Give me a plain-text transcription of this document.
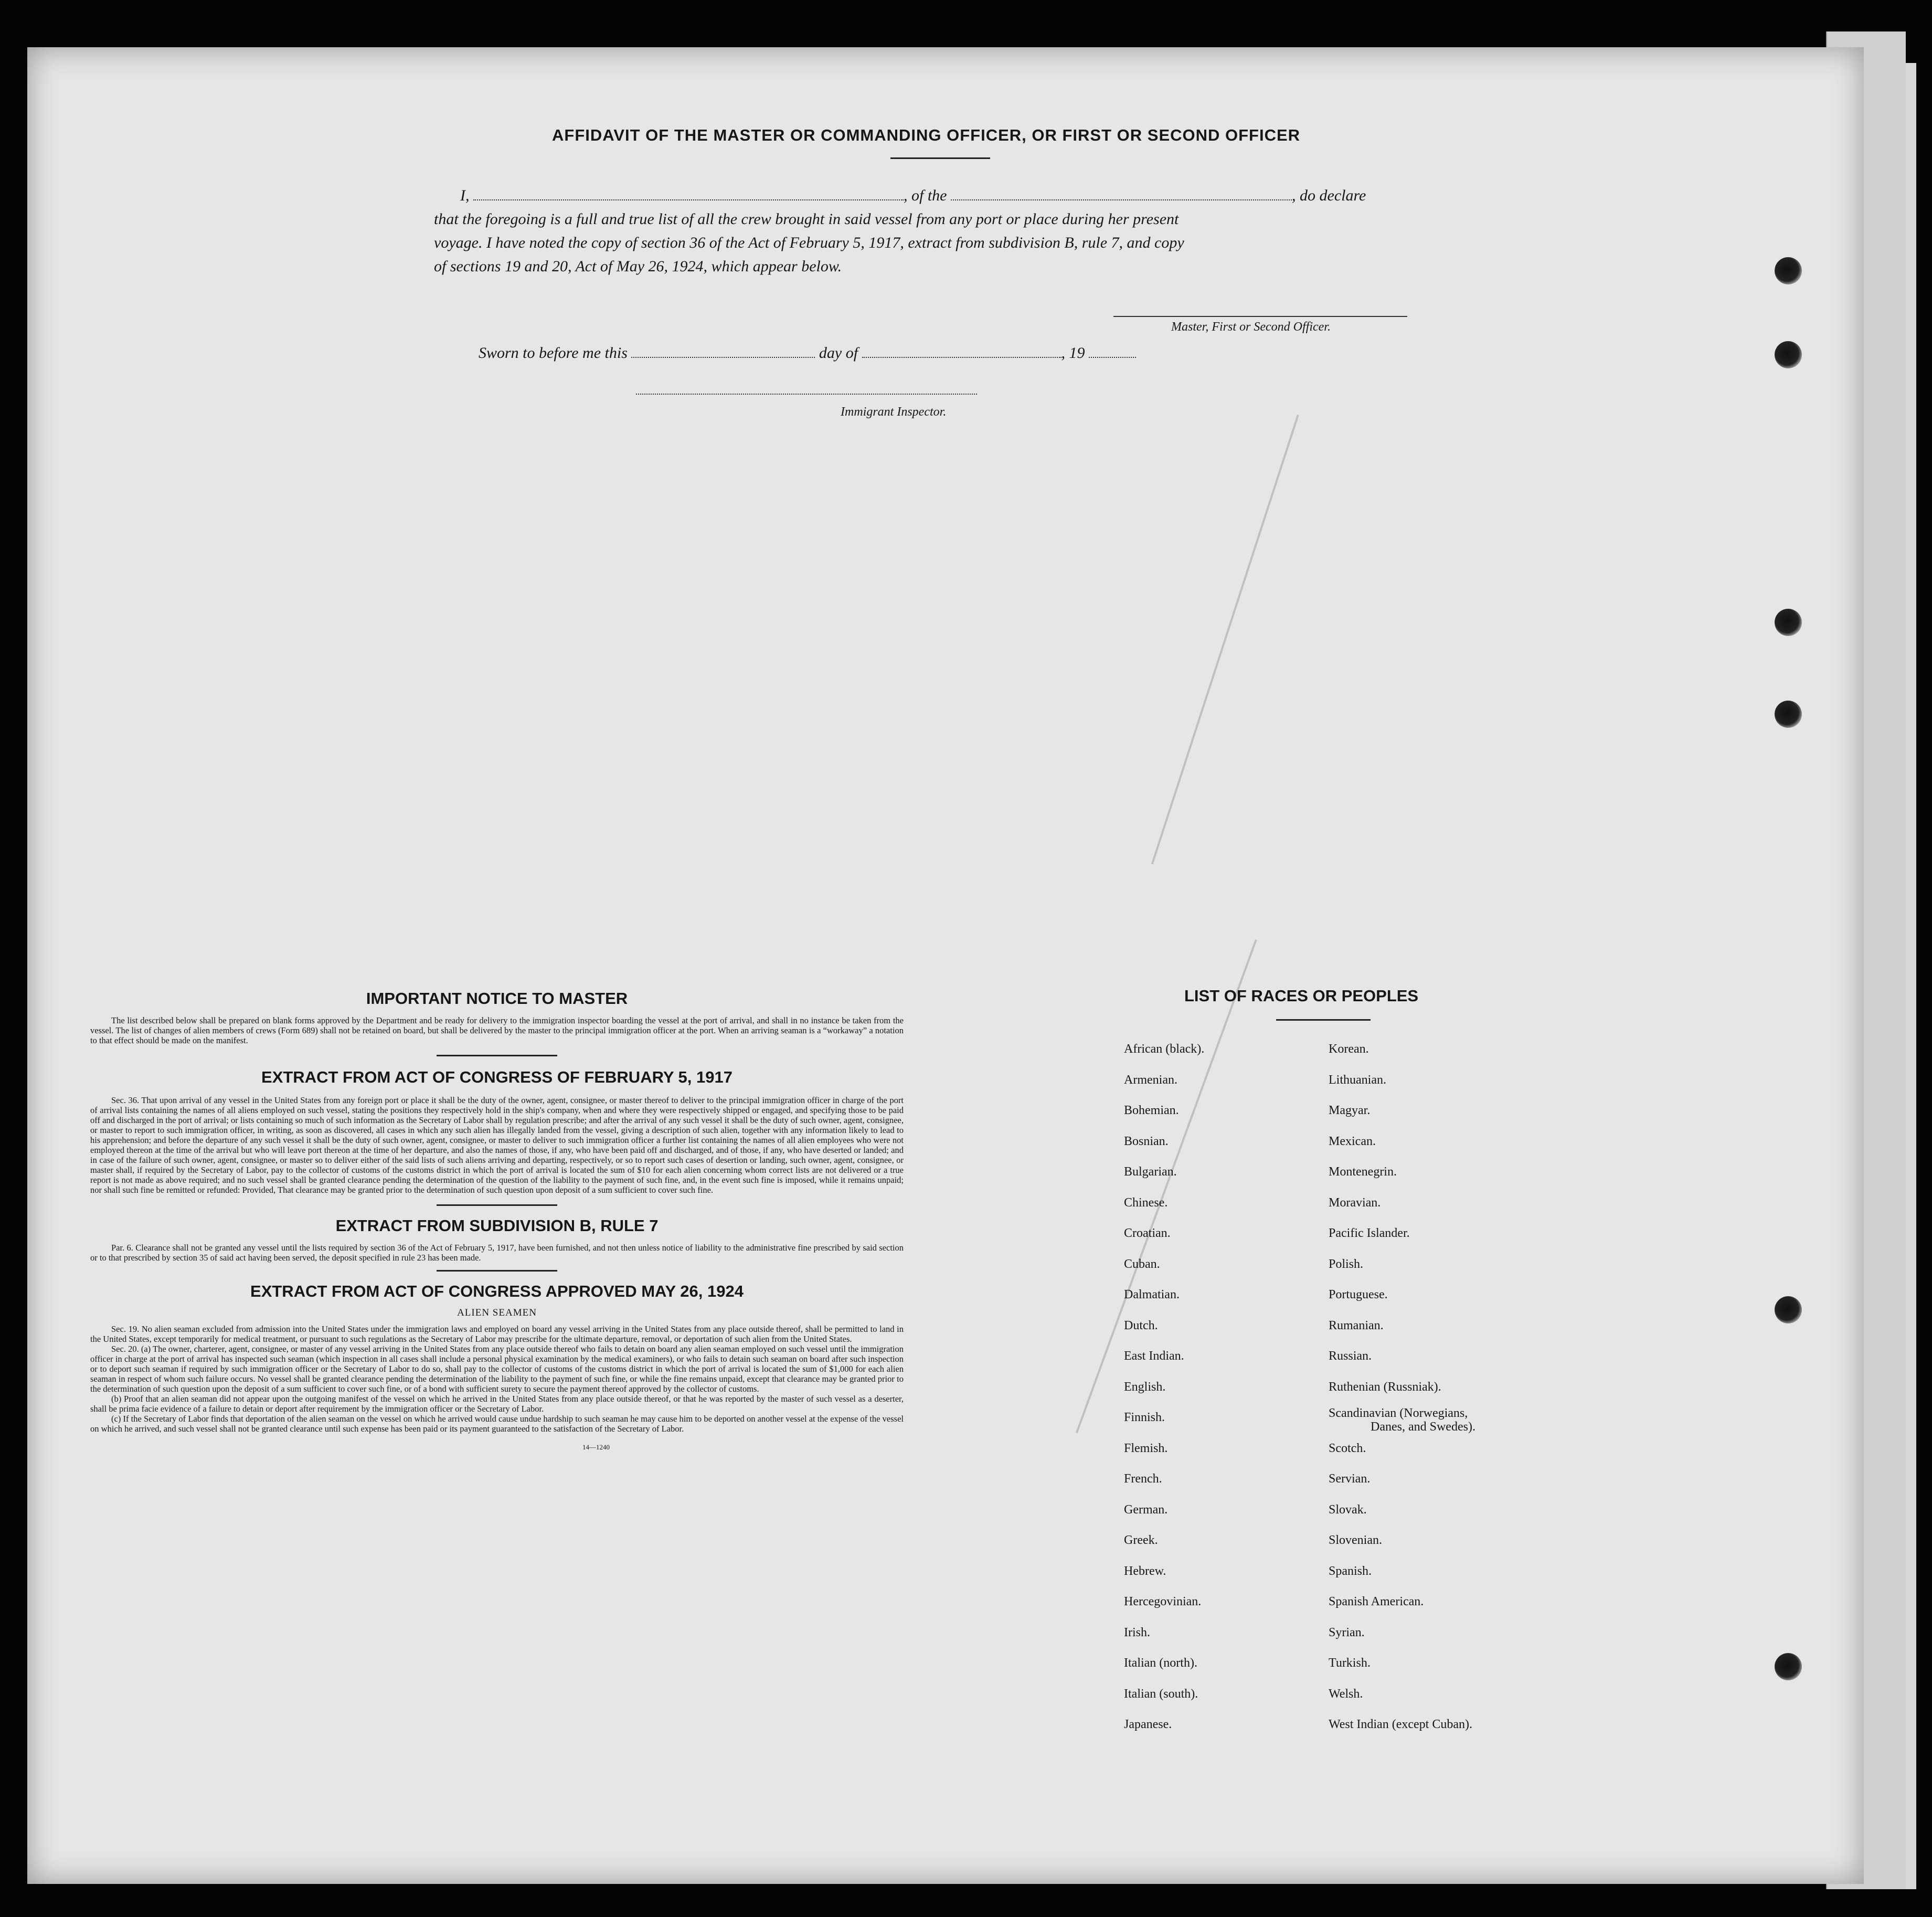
AFFIDAVIT OF THE MASTER OR COMMANDING OFFICER, OR FIRST OR SECOND OFFICER
I,	, of the	, do declare
that the foregoing is a full and true list of all the crew brought in said vessel from any port or place during her present
voyage. I have noted the copy of section 36 of the Act of February 5, 1917, extract from subdivision B, rule 7, and copy
of sections 19 and 20, Act of May 26, 1924, which appear below.
Master, First or Second Officer.
Sworn to before me this	day of	, 19
Immigrant Inspector.
IMPORTANT NOTICE TO MASTER

The list described below shall be prepared on blank forms approved by the Department and be ready for delivery to the immigration inspector boarding the vessel at the port of arrival, and shall in no instance be taken from the vessel. The list of changes of alien members of crews (Form 689) shall not be retained on board, but shall be delivered by the master to the principal immigration officer at the port. When an arriving seaman is a “workaway” a notation to that effect should be made on the manifest.

EXTRACT FROM ACT OF CONGRESS OF FEBRUARY 5, 1917

Sec. 36. That upon arrival of any vessel in the United States from any foreign port or place it shall be the duty of the owner, agent, consignee, or master thereof to deliver to the principal immigration officer in charge of the port of arrival lists containing the names of all aliens employed on such vessel, stating the positions they respectively hold in the ship's company, when and where they were respectively shipped or engaged, and specifying those to be paid off and discharged in the port of arrival; or lists containing so much of such information as the Secretary of Labor shall by regulation prescribe; and after the arrival of any such vessel it shall be the duty of such owner, agent, consignee, or master to report to such immigration officer, in writing, as soon as discovered, all cases in which any such alien has illegally landed from the vessel, giving a description of such alien, together with any information likely to lead to his apprehension; and before the departure of any such vessel it shall be the duty of such owner, agent, consignee, or master to deliver to such immigration officer a further list containing the names of all alien employees who were not employed thereon at the time of the arrival but who will leave port thereon at the time of her departure, and also the names of those, if any, who have been paid off and discharged, and of those, if any, who have deserted or landed; and in case of the failure of such owner, agent, consignee, or master so to deliver either of the said lists of such aliens arriving and departing, respectively, or so to report such cases of desertion or landing, such owner, agent, consignee, or master shall, if required by the Secretary of Labor, pay to the collector of customs of the customs district in which the port of arrival is located the sum of $10 for each alien concerning whom correct lists are not delivered or a true report is not made as above required; and no such vessel shall be granted clearance pending the determination of the question of the liability to the payment of such fine, and, in the event such fine is imposed, while it remains unpaid; nor shall such fine be remitted or refunded: Provided, That clearance may be granted prior to the determination of such question upon deposit of a sum sufficient to cover such fine.

EXTRACT FROM SUBDIVISION B, RULE 7

Par. 6. Clearance shall not be granted any vessel until the lists required by section 36 of the Act of February 5, 1917, have been furnished, and not then unless notice of liability to the administrative fine prescribed by said section or to that prescribed by section 35 of said act having been served, the deposit specified in rule 23 has been made.

EXTRACT FROM ACT OF CONGRESS APPROVED MAY 26, 1924
ALIEN SEAMEN

Sec. 19. No alien seaman excluded from admission into the United States under the immigration laws and employed on board any vessel arriving in the United States from any place outside thereof, shall be permitted to land in the United States, except temporarily for medical treatment, or pursuant to such regulations as the Secretary of Labor may prescribe for the ultimate departure, removal, or deportation of such alien from the United States.

Sec. 20. (a) The owner, charterer, agent, consignee, or master of any vessel arriving in the United States from any place outside thereof who fails to detain on board any alien seaman employed on such vessel until the immigration officer in charge at the port of arrival has inspected such seaman (which inspection in all cases shall include a personal physical examination by the medical examiners), or who fails to detain such seaman on board after such inspection or to deport such seaman if required by such immigration officer or the Secretary of Labor to do so, shall pay to the collector of customs of the customs district in which the port of arrival is located the sum of $1,000 for each alien seaman in respect of whom such failure occurs. No vessel shall be granted clearance pending the determination of the liability to the payment of such fine, or while the fine remains unpaid, except that clearance may be granted prior to the determination of such question upon the deposit of a sum sufficient to cover such fine, or of a bond with sufficient surety to secure the payment thereof approved by the collector of customs.

(b) Proof that an alien seaman did not appear upon the outgoing manifest of the vessel on which he arrived in the United States from any place outside thereof, or that he was reported by the master of such vessel as a deserter, shall be prima facie evidence of a failure to detain or deport after requirement by the immigration officer or the Secretary of Labor.

(c) If the Secretary of Labor finds that deportation of the alien seaman on the vessel on which he arrived would cause undue hardship to such seaman he may cause him to be deported on another vessel at the expense of the vessel on which he arrived, and such vessel shall not be granted clearance until such expense has been paid or its payment guaranteed to the satisfaction of the Secretary of Labor.

14—1240
LIST OF RACES OR PEOPLES
African (black).
Armenian.
Bohemian.
Bosnian.
Bulgarian.
Chinese.
Croatian.
Cuban.
Dalmatian.
Dutch.
East Indian.
English.
Finnish.
Flemish.
French.
German.
Greek.
Hebrew.
Hercegovinian.
Irish.
Italian (north).
Italian (south).
Japanese.
Korean.
Lithuanian.
Magyar.
Mexican.
Montenegrin.
Moravian.
Pacific Islander.
Polish.
Portuguese.
Rumanian.
Russian.
Ruthenian (Russniak).
Scandinavian (Norwegians,
Danes, and Swedes).
Scotch.
Servian.
Slovak.
Slovenian.
Spanish.
Spanish American.
Syrian.
Turkish.
Welsh.
West Indian (except Cuban).
